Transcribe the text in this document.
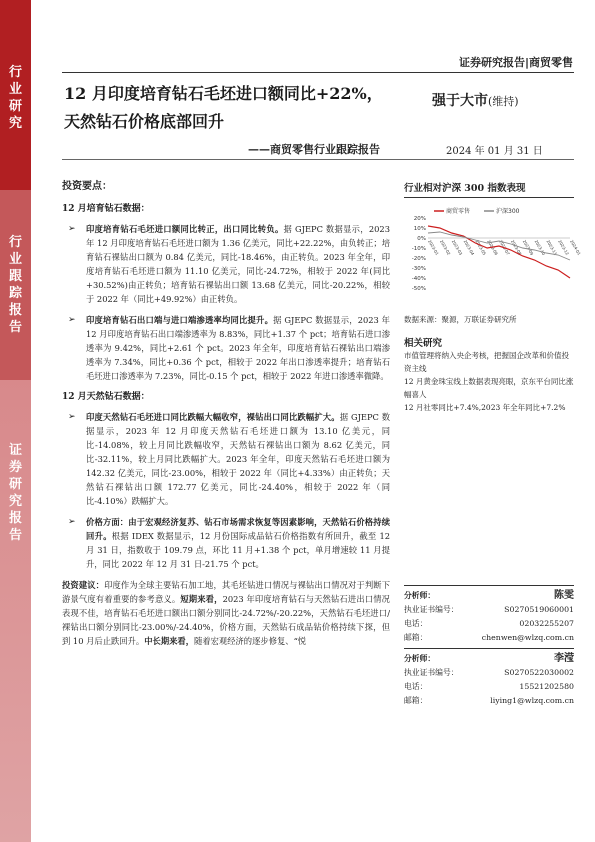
行
业
研
究
行
业
跟
踪
报
告
证
券
研
究
报
告
证券研究报告|商贸零售
12 月印度培育钻石毛坯进口额同比+22%，
天然钻石价格底部回升
——商贸零售行业跟踪报告
强于大市(维持)
2024 年 01 月 31 日
投资要点：
12 月培育钻石数据：
➢ 印度培育钻石毛坯进口额同比转正，出口同比转负。据 GJEPC 数据显示，2023 年 12 月印度培育钻石毛坯进口额为 1.36 亿美元，同比+22.22%，由负转正；培育钻石裸钻出口额为 0.84 亿美元，同比-18.46%，由正转负。2023 年全年，印度培育钻石毛坯进口额为 11.10 亿美元，同比-24.72%，相较于 2022 年(同比+30.52%)由正转负；培育钻石裸钻出口额 13.68 亿美元，同比-20.22%，相较于 2022 年（同比+49.92%）由正转负。
➢ 印度培育钻石出口端与进口端渗透率均同比提升。据 GJEPC 数据显示，2023 年 12 月印度培育钻石出口端渗透率为 8.83%，同比+1.37 个 pct；培育钻石进口渗透率为 9.42%，同比+2.61 个 pct。2023 年全年，印度培育钻石裸钻出口端渗透率为 7.34%，同比+0.36 个 pct，相较于 2022 年出口渗透率提升；培育钻石毛坯进口渗透率为 7.23%，同比-0.15 个 pct，相较于 2022 年进口渗透率微降。
12 月天然钻石数据：
➢ 印度天然钻石毛坯进口同比跌幅大幅收窄，裸钻出口同比跌幅扩大。据 GJEPC 数据显示，2023 年 12 月印度天然钻石毛坯进口额为 13.10 亿美元，同比-14.08%，较上月同比跌幅收窄，天然钻石裸钻出口额为 8.62 亿美元，同比-32.11%，较上月同比跌幅扩大。2023 年全年，印度天然钻石毛坯进口额为 142.32 亿美元，同比-23.00%，相较于 2022 年（同比+4.33%）由正转负；天然钻石裸钻出口额 172.77 亿美元，同比-24.40%，相较于 2022 年（同比-4.10%）跌幅扩大。
➢ 价格方面：由于宏观经济复苏、钻石市场需求恢复等因素影响，天然钻石价格持续回升。根据 IDEX 数据显示，12 月份国际成品钻石价格指数有所回升，截至 12 月 31 日，指数收于 109.79 点，环比 11 月+1.38 个 pct，单月增速较 11 月提升，同比 2022 年 12 月 31 日-21.75 个 pct。
投资建议：印度作为全球主要钻石加工地，其毛坯钻进口情况与裸钻出口情况对于判断下游景气度有着重要的参考意义。短期来看，2023 年印度培育钻石与天然钻石进出口情况表现不佳，培育钻石毛坯进口额出口额分别同比-24.72%/-20.22%，天然钻石毛坯进口/裸钻出口额分别同比-23.00%/-24.40%，价格方面，天然钻石成品钻价格持续下探，但到 10 月后止跌回升。中长期来看，随着宏观经济的逐步修复、“悦
行业相对沪深 300 指数表现
20%
10%
0%
-10%
-20%
-30%
-40%
-50%
2023-01 2023-02 2023-03 2023-04 2023-05 2023-06 2023-07 2023-08 2023-09 2023-10 2023-11 2023-12 2024-01
商贸零售	沪深300
数据来源：聚源，万联证券研究所
相关研究
市值管理将纳入央企考核，把握国企改革和价值投资主线
12 月黄金珠宝线上数据表现亮眼，京东平台同比涨幅喜人
12 月社零同比+7.4%,2023 年全年同比+7.2%
分析师：	陈雯
执业证书编号：	S0270519060001
电话：	02032255207
邮箱：	chenwen@wlzq.com.cn
分析师：	李滢
执业证书编号：	S0270522030002
电话：	15521202580
邮箱：	liying1@wlzq.com.cn
